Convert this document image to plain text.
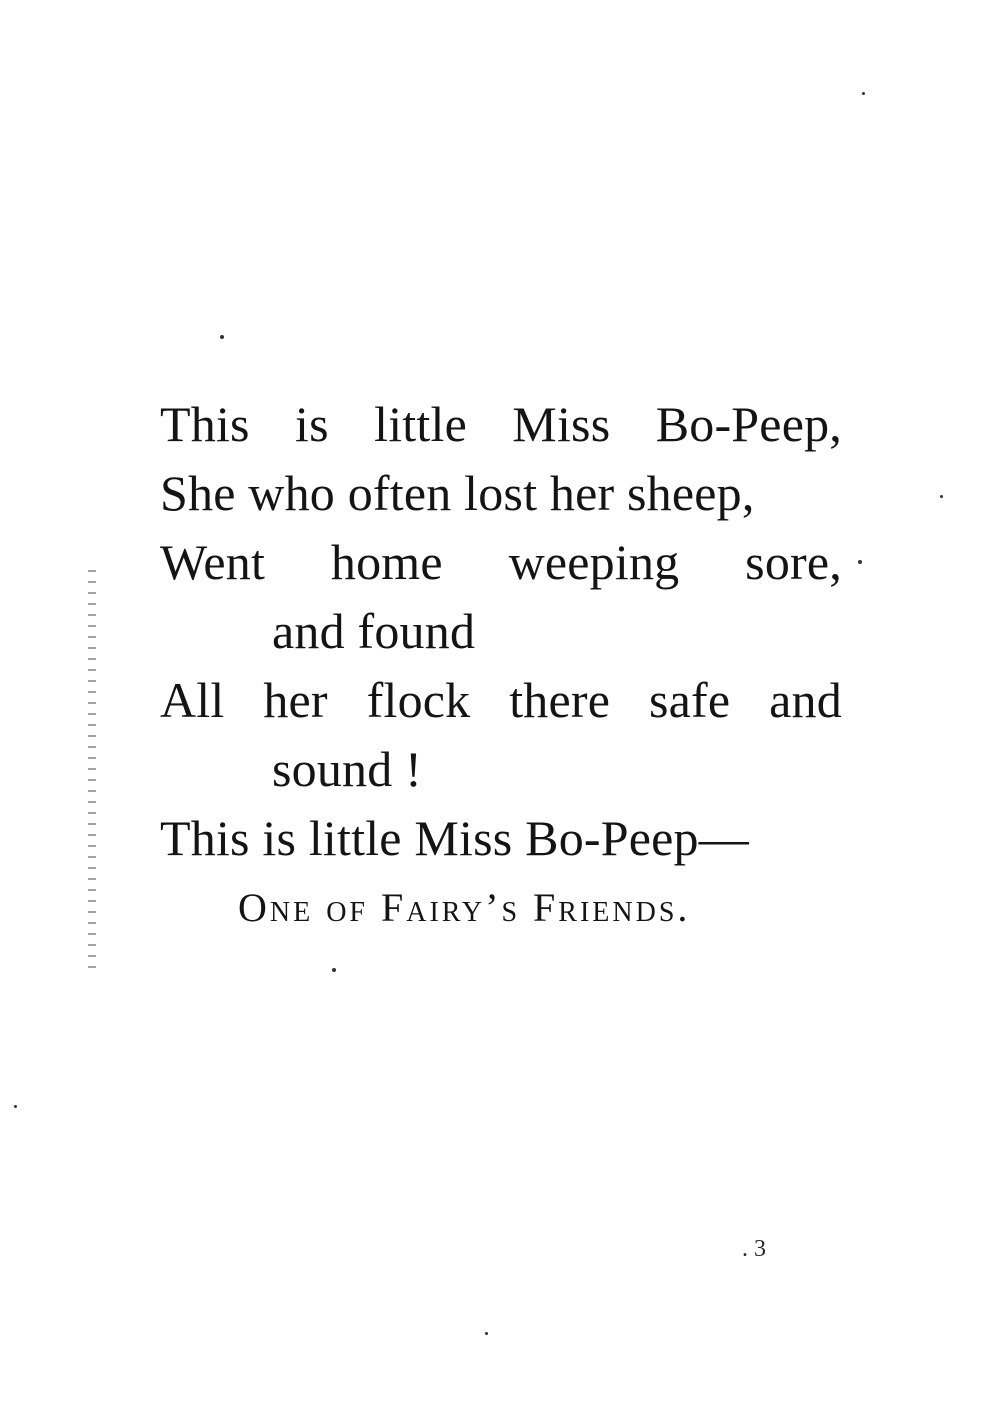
This is little Miss Bo-Peep,
She who often lost her sheep,
Went home weeping sore,
and found
All her flock there safe and
sound !
This is little Miss Bo-Peep—
One of Fairy’s Friends.
. 3
